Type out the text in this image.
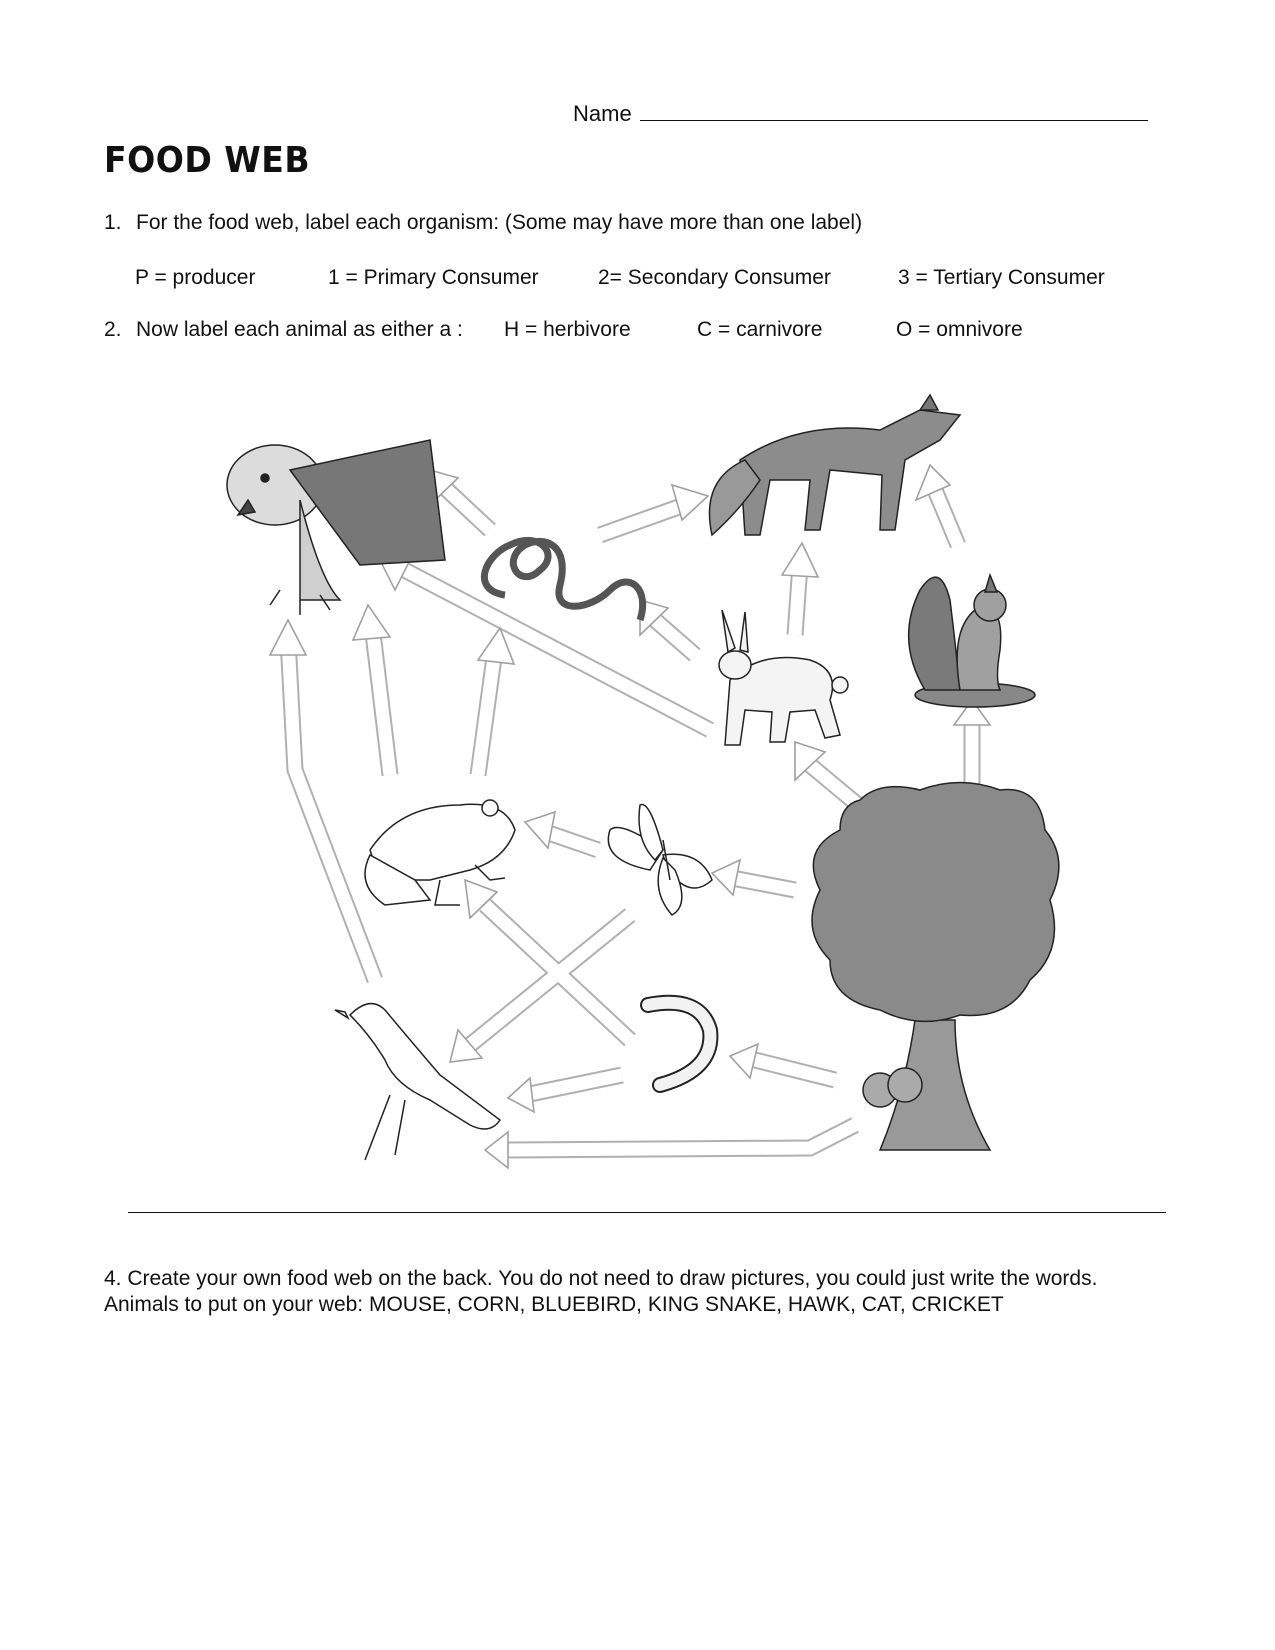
Name
FOOD WEB
1. For the food web, label each organism: (Some may have more than one label)
P = producer	1 = Primary Consumer	2= Secondary Consumer	3 = Tertiary Consumer
2. Now label each animal as either a : H = herbivore	C = carnivore	O = omnivore
4. Create your own food web on the back. You do not need to draw pictures, you could just write the words. Animals to put on your web: MOUSE, CORN, BLUEBIRD, KING SNAKE, HAWK, CAT, CRICKET
